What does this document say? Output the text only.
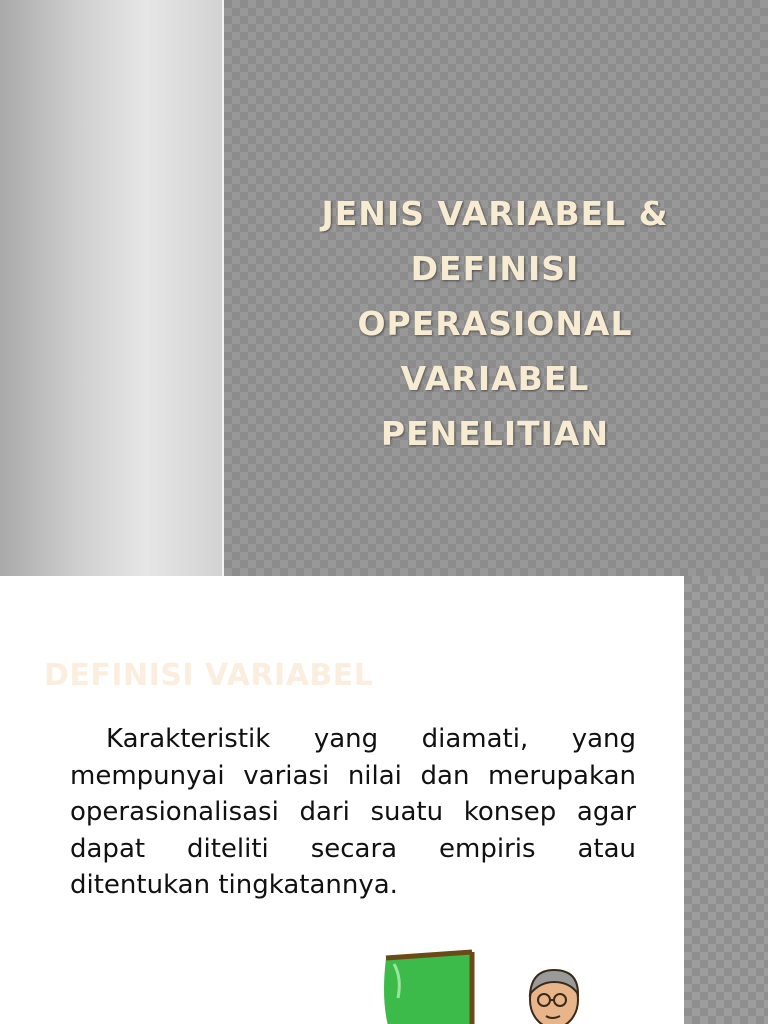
JENIS VARIABEL &
DEFINISI
OPERASIONAL
VARIABEL
PENELITIAN
DEFINISI VARIABEL

Karakteristik yang diamati, yang mempunyai variasi nilai dan merupakan operasionalisasi dari suatu konsep agar dapat diteliti secara empiris atau ditentukan tingkatannya.
